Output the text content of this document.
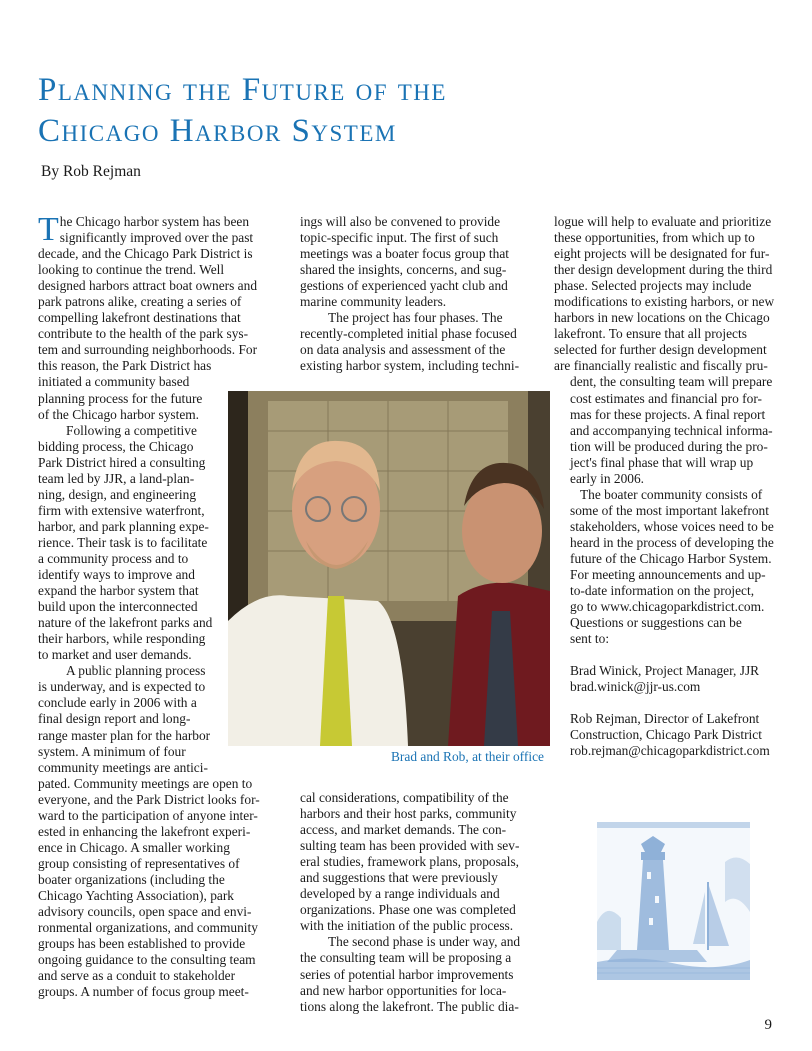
Planning the Future of the
Chicago Harbor System
By Rob Rejman

T he Chicago harbor system has been
significantly improved over the past
decade, and the Chicago Park District is
looking to continue the trend. Well
designed harbors attract boat owners and
park patrons alike, creating a series of
compelling lakefront destinations that
contribute to the health of the park sys-
tem and surrounding neighborhoods. For
this reason, the Park District has
initiated a community based
planning process for the future
of the Chicago harbor system.

Following a competitive
bidding process, the Chicago
Park District hired a consulting
team led by JJR, a land-plan-
ning, design, and engineering
firm with extensive waterfront,
harbor, and park planning expe-
rience. Their task is to facilitate
a community process and to
identify ways to improve and
expand the harbor system that
build upon the interconnected
nature of the lakefront parks and
their harbors, while responding
to market and user demands.

A public planning process
is underway, and is expected to
conclude early in 2006 with a
final design report and long-
range master plan for the harbor
system. A minimum of four
community meetings are antici-
pated. Community meetings are open to
everyone, and the Park District looks for-
ward to the participation of anyone inter-
ested in enhancing the lakefront experi-
ence in Chicago. A smaller working
group consisting of representatives of
boater organizations (including the
Chicago Yachting Association), park
advisory councils, open space and envi-
ronmental organizations, and community
groups has been established to provide
ongoing guidance to the consulting team
and serve as a conduit to stakeholder
groups. A number of focus group meet-

ings will also be convened to provide
topic-specific input. The first of such
meetings was a boater focus group that
shared the insights, concerns, and sug-
gestions of experienced yacht club and
marine community leaders.

The project has four phases. The
recently-completed initial phase focused
on data analysis and assessment of the
existing harbor system, including techni-

Brad and Rob, at their office

cal considerations, compatibility of the
harbors and their host parks, community
access, and market demands. The con-
sulting team has been provided with sev-
eral studies, framework plans, proposals,
and suggestions that were previously
developed by a range individuals and
organizations. Phase one was completed
with the initiation of the public process.

The second phase is under way, and
the consulting team will be proposing a
series of potential harbor improvements
and new harbor opportunities for loca-
tions along the lakefront. The public dia-

logue will help to evaluate and prioritize
these opportunities, from which up to
eight projects will be designated for fur-
ther design development during the third
phase. Selected projects may include
modifications to existing harbors, or new
harbors in new locations on the Chicago
lakefront. To ensure that all projects
selected for further design development
are financially realistic and fiscally pru-

dent, the consulting team will prepare
cost estimates and financial pro for-
mas for these projects. A final report
and accompanying technical informa-
tion will be produced during the pro-
ject's final phase that will wrap up
early in 2006.

The boater community consists of
some of the most important lakefront
stakeholders, whose voices need to be
heard in the process of developing the
future of the Chicago Harbor System.
For meeting announcements and up-
to-date information on the project,
go to www.chicagoparkdistrict.com.
Questions or suggestions can be
sent to:

Brad Winick, Project Manager, JJR
brad.winick@jjr-us.com

Rob Rejman, Director of Lakefront
Construction, Chicago Park District
rob.rejman@chicagoparkdistrict.com

9
